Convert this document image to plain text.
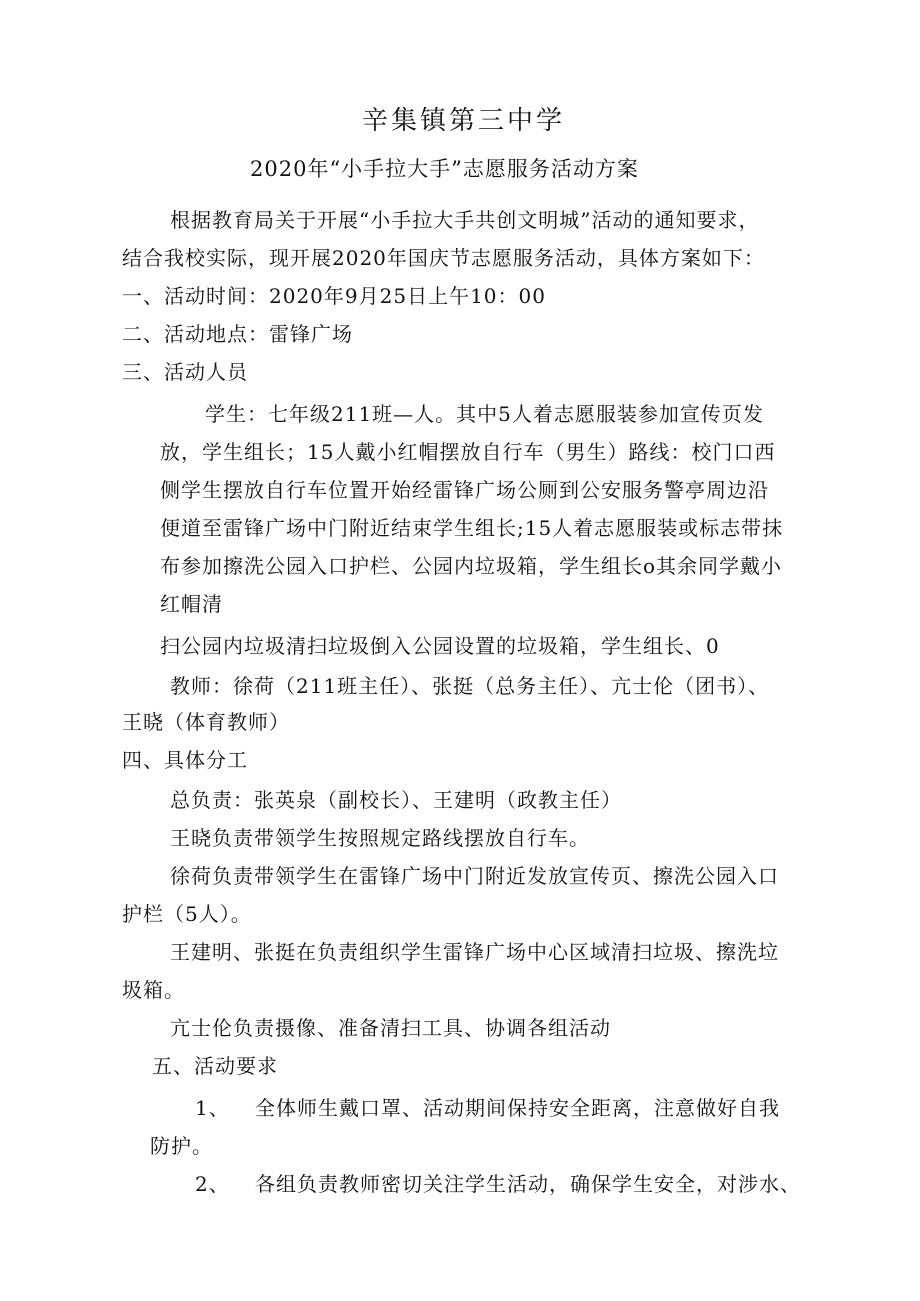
辛集镇第三中学
2020年“小手拉大手”志愿服务活动方案
根据教育局关于开展“小手拉大手共创文明城”活动的通知要求，
结合我校实际，现开展2020年国庆节志愿服务活动，具体方案如下：
一、活动时间：2020年9月25日上午10：00
二、活动地点：雷锋广场
三、活动人员
学生：七年级211班—人。其中5人着志愿服装参加宣传页发
放，学生组长；15人戴小红帽摆放自行车（男生）路线：校门口西
侧学生摆放自行车位置开始经雷锋广场公厕到公安服务警亭周边沿
便道至雷锋广场中门附近结束学生组长;15人着志愿服装或标志带抹
布参加擦洗公园入口护栏、公园内垃圾箱，学生组长o其余同学戴小
红帽清
扫公园内垃圾清扫垃圾倒入公园设置的垃圾箱，学生组长、0
教师：徐荷（211班主任）、张挺（总务主任）、亢士伦（团书）、
王晓（体育教师）
四、具体分工
总负责：张英泉（副校长）、王建明（政教主任）
王晓负责带领学生按照规定路线摆放自行车。
徐荷负责带领学生在雷锋广场中门附近发放宣传页、擦洗公园入口
护栏（5人）。
王建明、张挺在负责组织学生雷锋广场中心区域清扫垃圾、擦洗垃
圾箱。
亢士伦负责摄像、准备清扫工具、协调各组活动
五、活动要求
1、 全体师生戴口罩、活动期间保持安全距离，注意做好自我
防护。
2、 各组负责教师密切关注学生活动，确保学生安全，对涉水、
